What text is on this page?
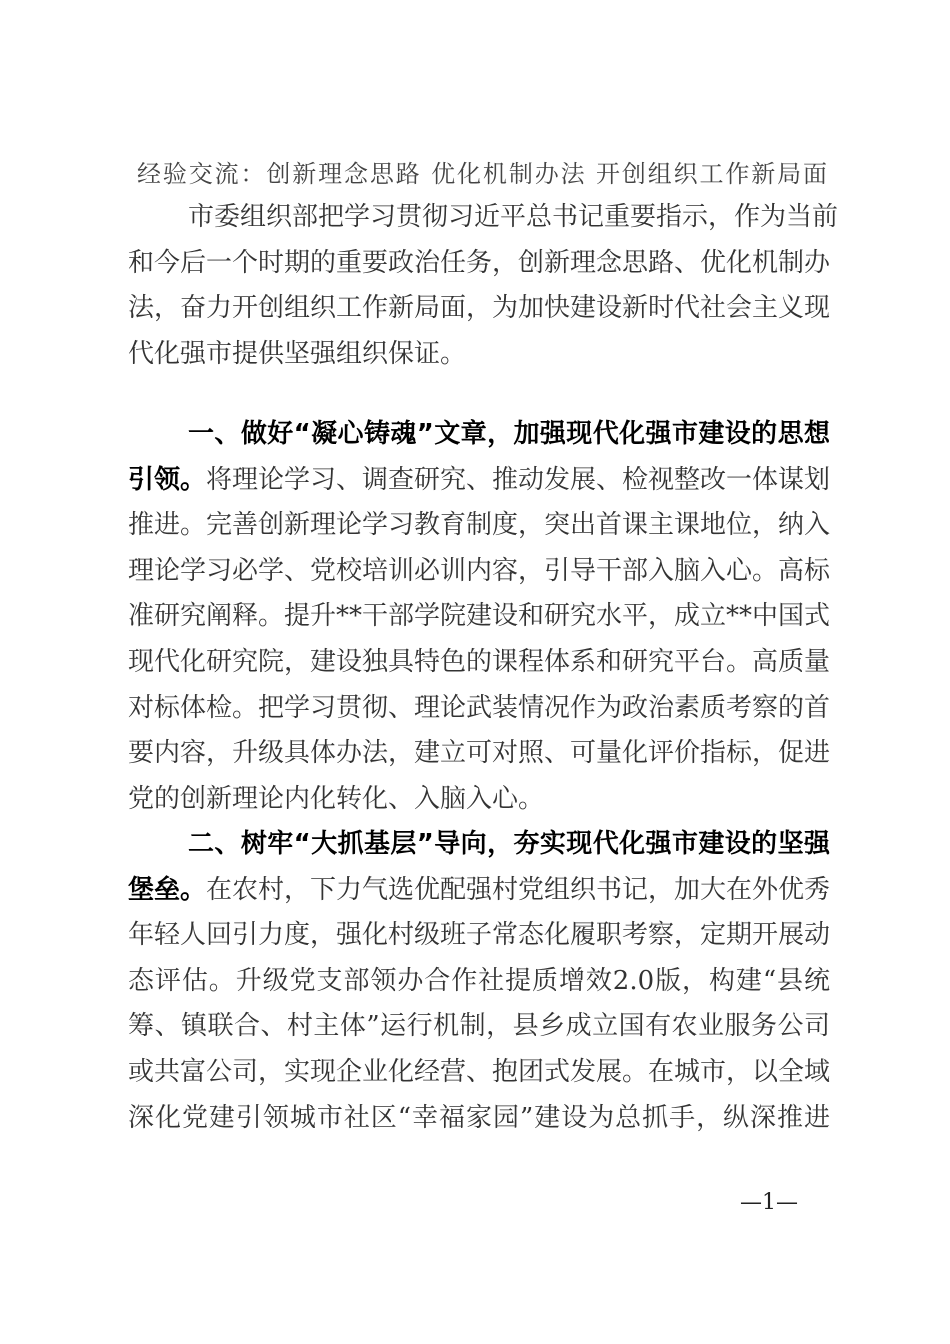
经验交流：创新理念思路 优化机制办法 开创组织工作新局面
市委组织部把学习贯彻习近平总书记重要指示，作为当前
和今后一个时期的重要政治任务，创新理念思路、优化机制办
法，奋力开创组织工作新局面，为加快建设新时代社会主义现
代化强市提供坚强组织保证。
一、做好“凝心铸魂”文章，加强现代化强市建设的思想
引领。将理论学习、调查研究、推动发展、检视整改一体谋划
推进。完善创新理论学习教育制度，突出首课主课地位，纳入
理论学习必学、党校培训必训内容，引导干部入脑入心。高标
准研究阐释。提升**干部学院建设和研究水平，成立**中国式
现代化研究院，建设独具特色的课程体系和研究平台。高质量
对标体检。把学习贯彻、理论武装情况作为政治素质考察的首
要内容，升级具体办法，建立可对照、可量化评价指标，促进
党的创新理论内化转化、入脑入心。
二、树牢“大抓基层”导向，夯实现代化强市建设的坚强
堡垒。在农村，下力气选优配强村党组织书记，加大在外优秀
年轻人回引力度，强化村级班子常态化履职考察，定期开展动
态评估。升级党支部领办合作社提质增效2.0版，构建“县统
筹、镇联合、村主体”运行机制，县乡成立国有农业服务公司
或共富公司，实现企业化经营、抱团式发展。在城市，以全域
深化党建引领城市社区“幸福家园”建设为总抓手，纵深推进
—1—
